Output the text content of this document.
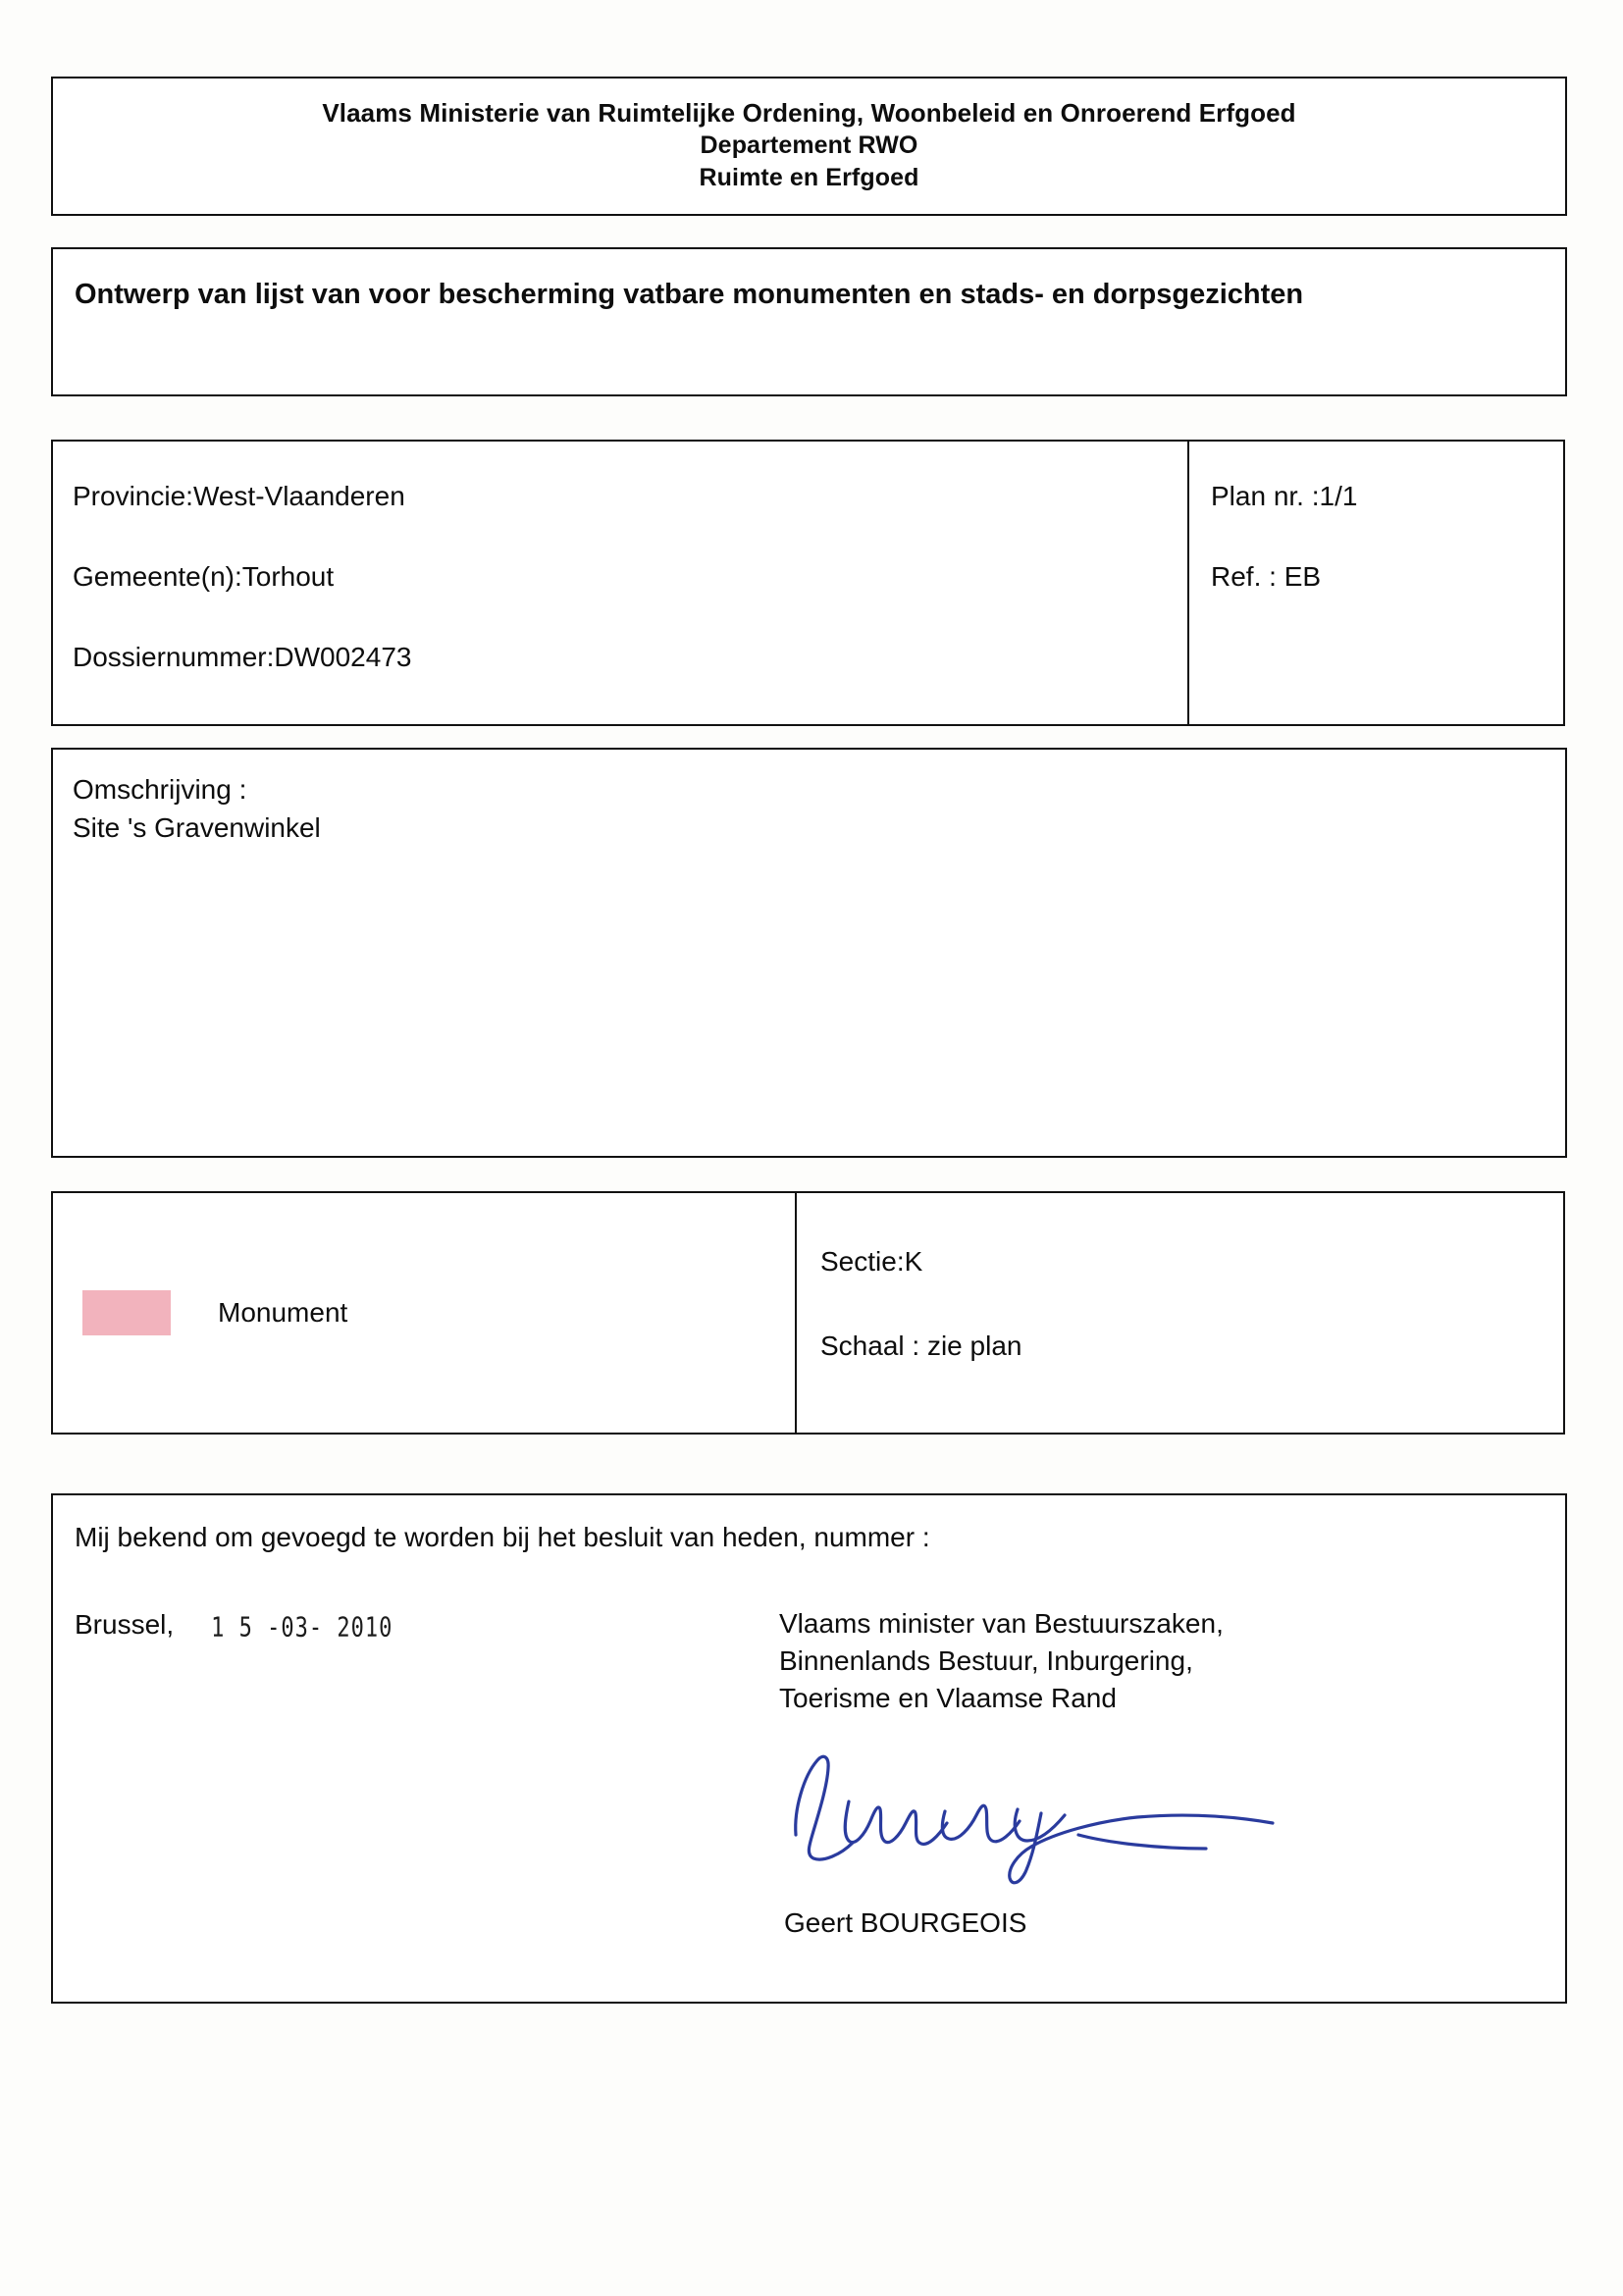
Vlaams Ministerie van Ruimtelijke Ordening, Woonbeleid en Onroerend Erfgoed
Departement RWO
Ruimte en Erfgoed
Ontwerp van lijst van voor bescherming vatbare monumenten en stads- en dorpsgezichten
Provincie:West-Vlaanderen
Gemeente(n):Torhout
Dossiernummer:DW002473
Plan nr. :1/1
Ref. : EB
Omschrijving :
Site 's Gravenwinkel
Monument
Sectie:K
Schaal : zie plan
Mij bekend om gevoegd te worden bij het besluit van heden, nummer :
Brussel, 1 5 -03- 2010	Vlaams minister van Bestuurszaken,
Binnenlands Bestuur, Inburgering,
Toerisme en Vlaamse Rand
Geert BOURGEOIS
